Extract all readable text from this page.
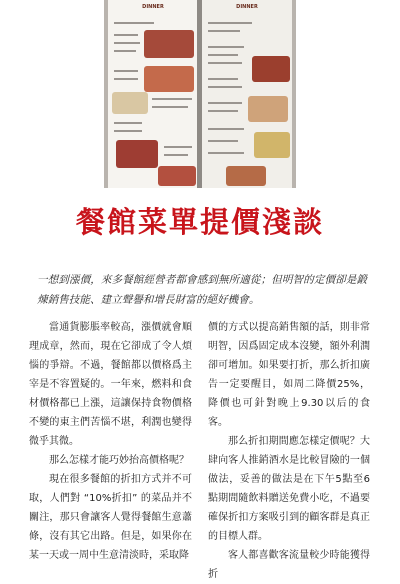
DINNER	DINNER
餐館菜單提價淺談
一想到漲價，來多餐館經營者都會感到無所適從；但明智的定價卻是鍛煉銷售技能、建立聲譽和增長財富的絕好機會。

當通貨膨脹率較高，漲價就會順理成章，然而，現在它卻成了令人煩惱的爭辯。不過，餐館都以價格爲主宰是不容置疑的。一年來，燃料和食材價格都已上漲，這讓保持食物價格不變的東主們苦惱不堪，利潤也變得微乎其微。

那么怎樣才能巧妙抬高價格呢？

現在很多餐館的折扣方式并不可取，人們對 “10%折扣” 的菜品并不關注，那只會讓客人覺得餐館生意蕭條，沒有其它出路。但是，如果你在某一天或一周中生意清淡時，采取降

價的方式以提高銷售額的話，則非常明智，因爲固定成本沒變，額外利潤卻可增加。如果要打折，那么折扣廣告一定要醒目，如周二降價25%，降價也可針對晚上9.30以后的食客。

那么折扣期間應怎樣定價呢？大肆向客人推銷酒水是比較冒險的一個做法，妥善的做法是在下午5點至6點期間隨飲料贈送免費小吃，不過要確保折扣方案吸引到的顧客群是真正的目標人群。

客人都喜歡客流量較少時能獲得折
